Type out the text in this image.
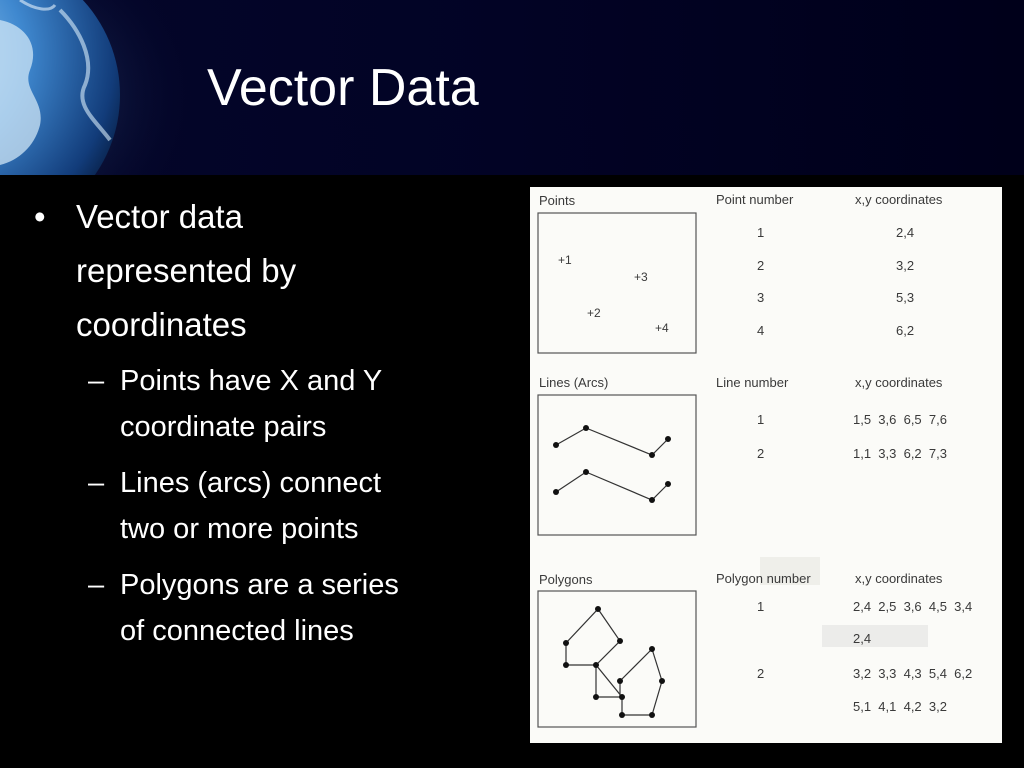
Vector Data
• Vector data
represented by
coordinates
– Points have X and Y
coordinate pairs
– Lines (arcs) connect
two or more points
– Polygons are a series
of connected lines
Points
+1
+3
+2
+4
Point number	x,y coordinates
1	2,4
2	3,2
3	5,3
4	6,2
Lines (Arcs)	Line number	x,y coordinates
1	1,5  3,6  6,5  7,6
2	1,1  3,3  6,2  7,3
Polygons	Polygon number	x,y coordinates
1	2,4  2,5  3,6  4,5  3,4
2,4
2	3,2  3,3  4,3  5,4  6,2
5,1  4,1  4,2  3,2
